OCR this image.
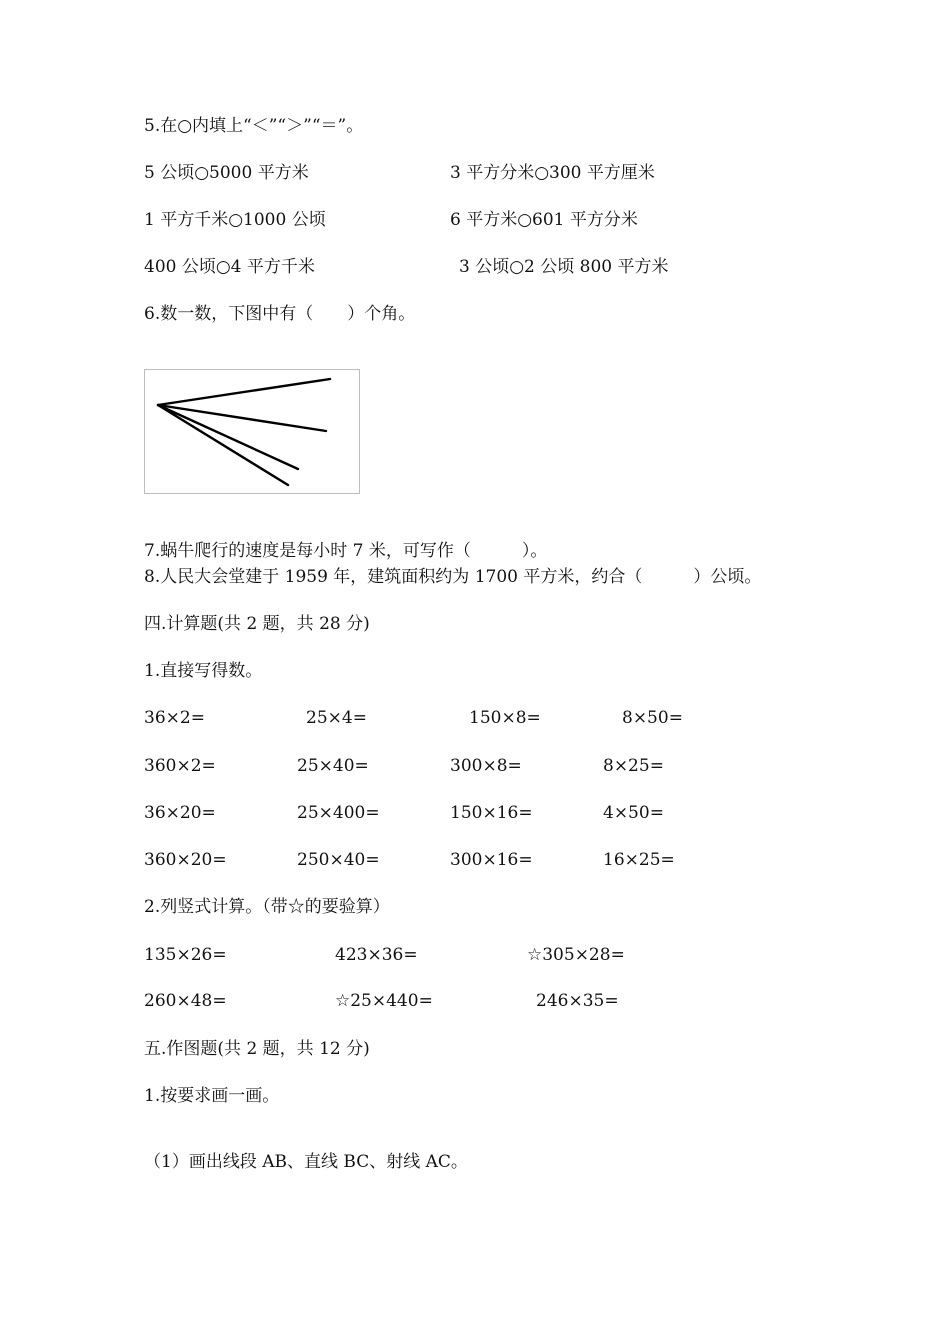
5.在○内填上“＜”“＞”“＝”。
5 公顷○5000 平方米	3 平方分米○300 平方厘米
1 平方千米○1000 公顷	6 平方米○601 平方分米
400 公顷○4 平方千米	3 公顷○2 公顷 800 平方米
6.数一数，下图中有（　　）个角。
7.蜗牛爬行的速度是每小时 7 米，可写作（　　　）。
8.人民大会堂建于 1959 年，建筑面积约为 1700 平方米，约合（　　　）公顷。
四.计算题(共 2 题，共 28 分)
1.直接写得数。
36×2=	25×4=	150×8=	8×50=
360×2=	25×40=	300×8=	8×25=
36×20=	25×400=	150×16=	4×50=
360×20=	250×40=	300×16=	16×25=
2.列竖式计算。（带☆的要验算）
135×26=	423×36=	☆305×28=
260×48=	☆25×440=	246×35=
五.作图题(共 2 题，共 12 分)
1.按要求画一画。
（1）画出线段 AB、直线 BC、射线 AC。
